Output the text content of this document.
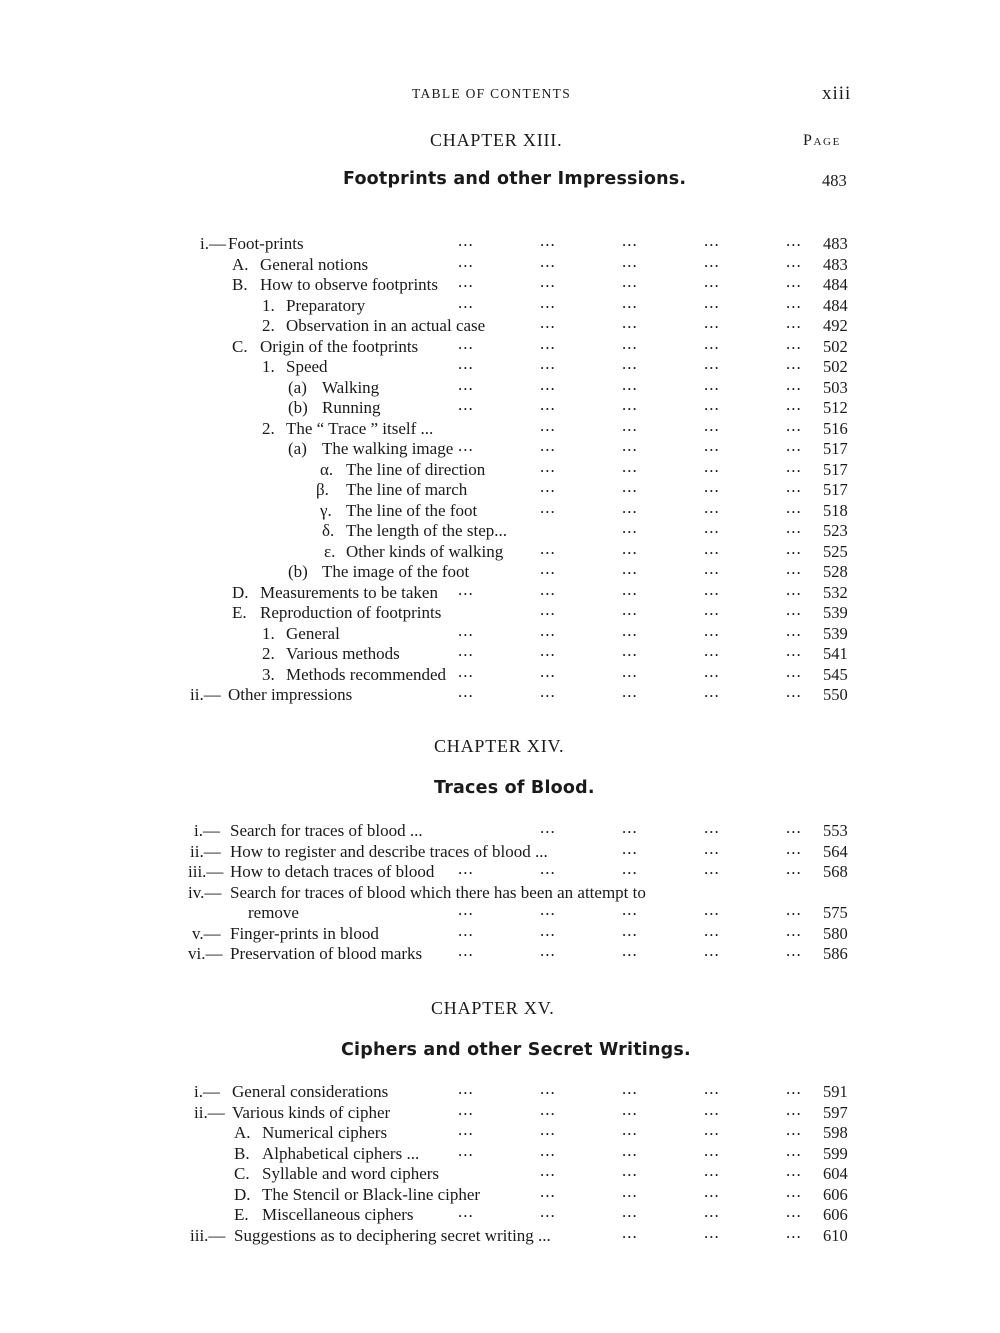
TABLE OF CONTENTS	xiii
CHAPTER XIII.	Page
Footprints and other Impressions.	483
i.— Foot-prints	...	...	...	...	... 483
A. General notions	...	...	...	...	... 483
B. How to observe footprints ...	...	...	...	... 484
1. Preparatory	...	...	...	...	... 484
2. Observation in an actual case	...	...	...	... 492
C. Origin of the footprints ...	...	...	...	... 502
1. Speed	...	...	...	...	... 502
(a) Walking	...	...	...	...	... 503
(b) Running	...	...	...	...	... 512
2. The “ Trace ” itself ...	...	...	...	... 516
(a) The walking image ...	...	...	...	... 517
α. The line of direction	...	...	...	... 517
β. The line of march	...	...	...	... 517
γ. The line of the foot	...	...	...	... 518
δ. The length of the step...	...	...	... 523
ε. Other kinds of walking ...	...	...	... 525
(b) The image of the foot	...	...	...	... 528
D. Measurements to be taken ...	...	...	...	... 532
E. Reproduction of footprints	...	...	...	... 539
1. General	...	...	...	...	... 539
2. Various methods	...	...	...	...	... 541
3. Methods recommended ...	...	...	...	... 545
ii.— Other impressions	...	...	...	...	... 550
CHAPTER XIV.
Traces of Blood.
i.— Search for traces of blood ...	...	...	...	... 553
ii.— How to register and describe traces of blood ...	...	...	... 564
iii.— How to detach traces of blood ...	...	...	...	... 568
iv.— Search for traces of blood which there has been an attempt to
remove	...	...	...	...	... 575
v.— Finger-prints in blood	...	...	...	...	... 580
vi.— Preservation of blood marks ...	...	...	...	... 586
CHAPTER XV.
Ciphers and other Secret Writings.
i.— General considerations	...	...	...	...	... 591
ii.— Various kinds of cipher	...	...	...	...	... 597
A. Numerical ciphers	...	...	...	...	... 598
B. Alphabetical ciphers ... ...	...	...	...	... 599
C. Syllable and word ciphers	...	...	...	... 604
D. The Stencil or Black-line cipher	...	...	...	... 606
E. Miscellaneous ciphers	...	...	...	...	... 606
iii.— Suggestions as to deciphering secret writing ...	...	...	... 610
